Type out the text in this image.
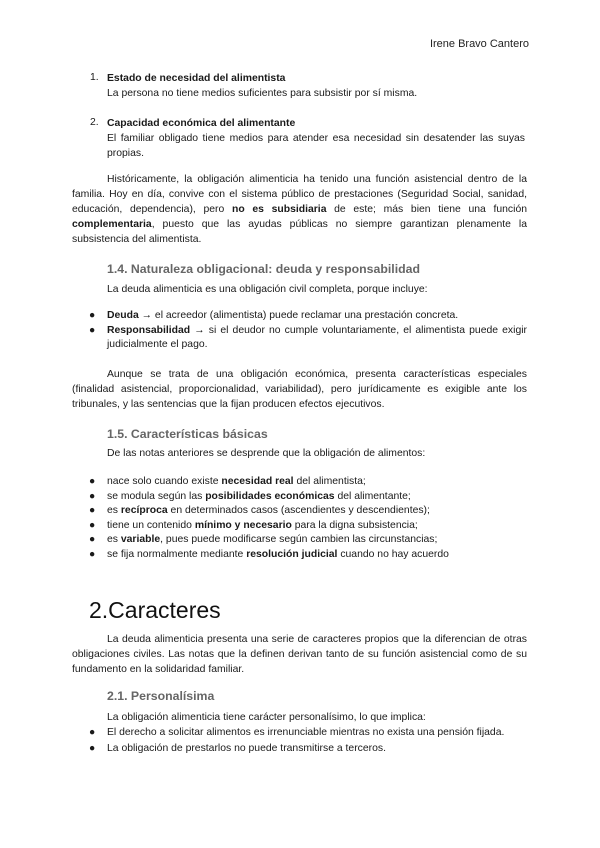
Irene Bravo Cantero
1. Estado de necesidad del alimentista
La persona no tiene medios suficientes para subsistir por sí misma.
2. Capacidad económica del alimentante
El familiar obligado tiene medios para atender esa necesidad sin desatender las suyas propias.
Históricamente, la obligación alimenticia ha tenido una función asistencial dentro de la familia. Hoy en día, convive con el sistema público de prestaciones (Seguridad Social, sanidad, educación, dependencia), pero no es subsidiaria de este; más bien tiene una función complementaria, puesto que las ayudas públicas no siempre garantizan plenamente la subsistencia del alimentista.
1.4. Naturaleza obligacional: deuda y responsabilidad
La deuda alimenticia es una obligación civil completa, porque incluye:
● Deuda → el acreedor (alimentista) puede reclamar una prestación concreta.
● Responsabilidad → si el deudor no cumple voluntariamente, el alimentista puede exigir judicialmente el pago.
Aunque se trata de una obligación económica, presenta características especiales (finalidad asistencial, proporcionalidad, variabilidad), pero jurídicamente es exigible ante los tribunales, y las sentencias que la fijan producen efectos ejecutivos.
1.5. Características básicas
De las notas anteriores se desprende que la obligación de alimentos:
● nace solo cuando existe necesidad real del alimentista;
● se modula según las posibilidades económicas del alimentante;
● es recíproca en determinados casos (ascendientes y descendientes);
● tiene un contenido mínimo y necesario para la digna subsistencia;
● es variable, pues puede modificarse según cambien las circunstancias;
● se fija normalmente mediante resolución judicial cuando no hay acuerdo
2.Caracteres
La deuda alimenticia presenta una serie de caracteres propios que la diferencian de otras obligaciones civiles. Las notas que la definen derivan tanto de su función asistencial como de su fundamento en la solidaridad familiar.
2.1. Personalísima
La obligación alimenticia tiene carácter personalísimo, lo que implica:
● El derecho a solicitar alimentos es irrenunciable mientras no exista una pensión fijada.
● La obligación de prestarlos no puede transmitirse a terceros.
